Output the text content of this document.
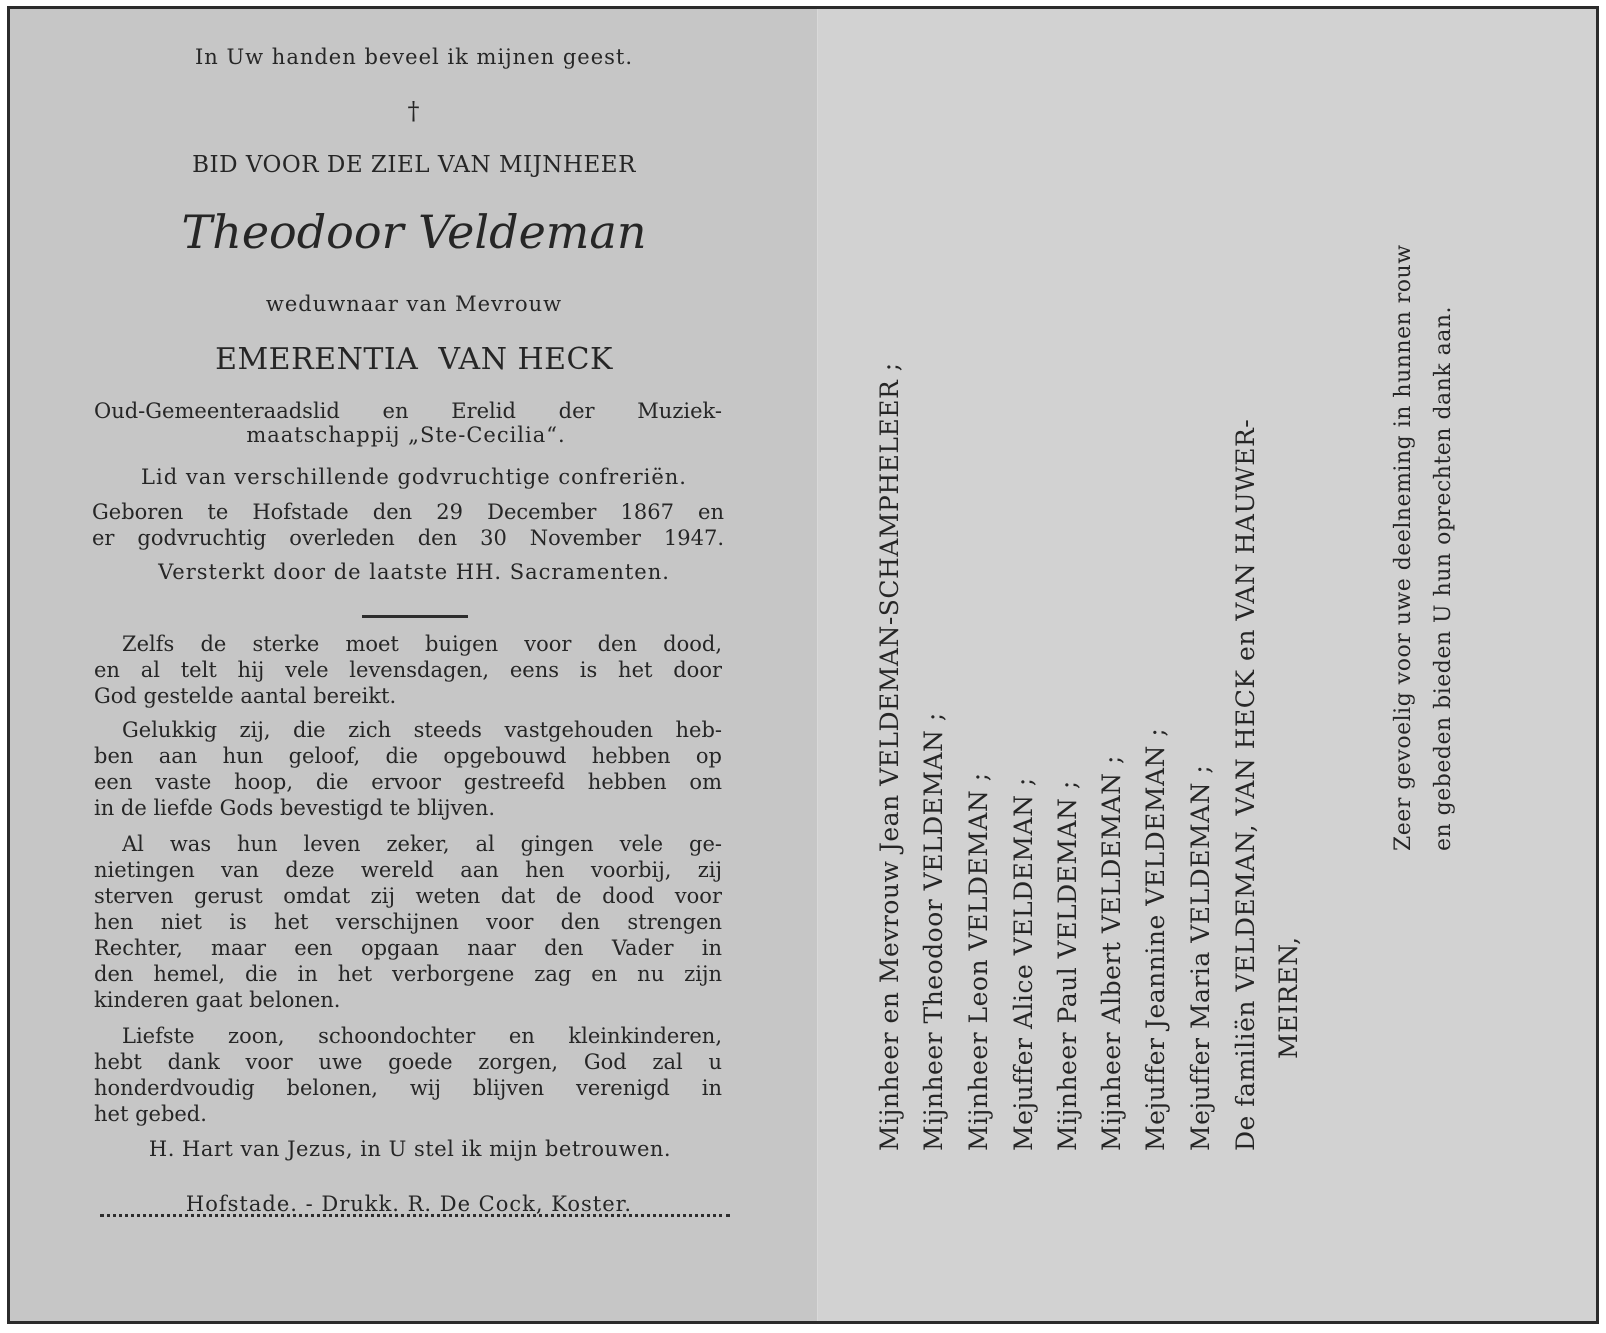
In Uw handen beveel ik mijnen geest.
†
BID VOOR DE ZIEL VAN MIJNHEER
Theodoor Veldeman
weduwnaar van Mevrouw
EMERENTIA  VAN HECK
Oud-Gemeenteraadslid en Erelid der Muziek-
maatschappij „Ste-Cecilia“.
Lid van verschillende godvruchtige confreriën.
Geboren te Hofstade den 29 December 1867 en
er godvruchtig overleden den 30 November 1947.
Versterkt door de laatste HH. Sacramenten.
Zelfs de sterke moet buigen voor den dood,
en al telt hij vele levensdagen, eens is het door
God gestelde aantal bereikt.
Gelukkig zij, die zich steeds vastgehouden heb-
ben aan hun geloof, die opgebouwd hebben op
een vaste hoop, die ervoor gestreefd hebben om
in de liefde Gods bevestigd te blijven.
Al was hun leven zeker, al gingen vele ge-
nietingen van deze wereld aan hen voorbij, zij
sterven gerust omdat zij weten dat de dood voor
hen niet is het verschijnen voor den strengen
Rechter, maar een opgaan naar den Vader in
den hemel, die in het verborgene zag en nu zijn
kinderen gaat belonen.
Liefste zoon, schoondochter en kleinkinderen,
hebt dank voor uwe goede zorgen, God zal u
honderdvoudig belonen, wij blijven verenigd in
het gebed.
H. Hart van Jezus, in U stel ik mijn betrouwen.
Hofstade. - Drukk. R. De Cock, Koster.
Mijnheer en Mevrouw Jean VELDEMAN-SCHAMPHELEER ; Mijnheer Theodoor VELDEMAN ; Mijnheer Leon VELDEMAN ; Mejuffer Alice VELDEMAN ; Mijnheer Paul VELDEMAN ; Mijnheer Albert VELDEMAN ; Mejuffer Jeannine VELDEMAN ; Mejuffer Maria VELDEMAN ; De familiën VELDEMAN, VAN HECK en VAN HAUWER- MEIREN,
Zeer gevoelig voor uwe deelneming in hunnen rouw en gebeden bieden U hun oprechten dank aan.
